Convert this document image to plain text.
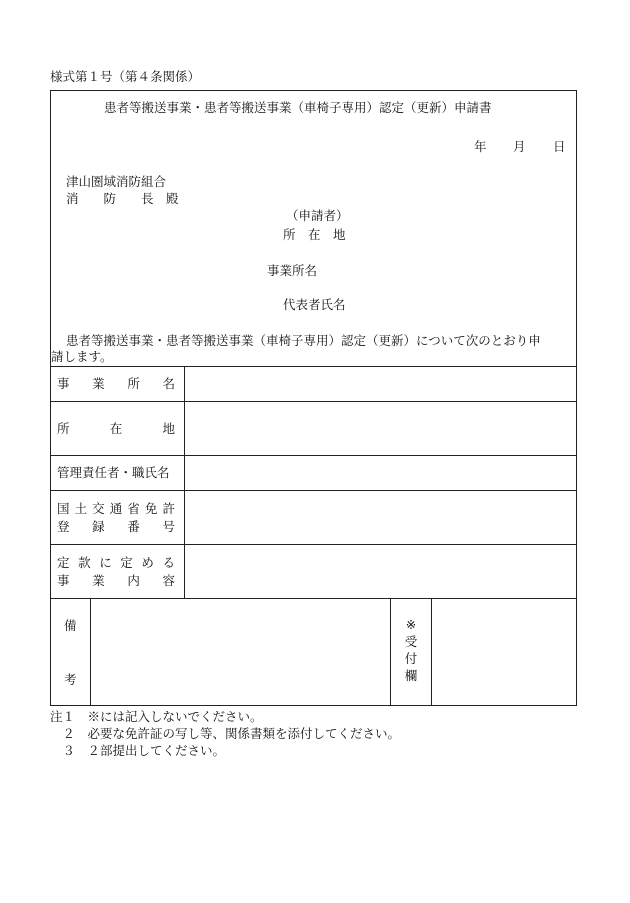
様式第１号（第４条関係）
患者等搬送事業・患者等搬送事業（車椅子専用）認定（更新）申請書
年 月 日
津山圏域消防組合
消　　防　　長　殿
（申請者）
所　在　地
事業所名
代表者氏名
患者等搬送事業・患者等搬送事業（車椅子専用）認定（更新）について次のとおり申
請します。
事　業　所　名
所　　在　　地
管理責任者・職氏名
国土交通省免許
登　録　番　号
定款に定める
事　業　内　容
備
考
※
受
付
欄
注１　※には記入しないでください。
　２　必要な免許証の写し等、関係書類を添付してください。
　３　２部提出してください。
